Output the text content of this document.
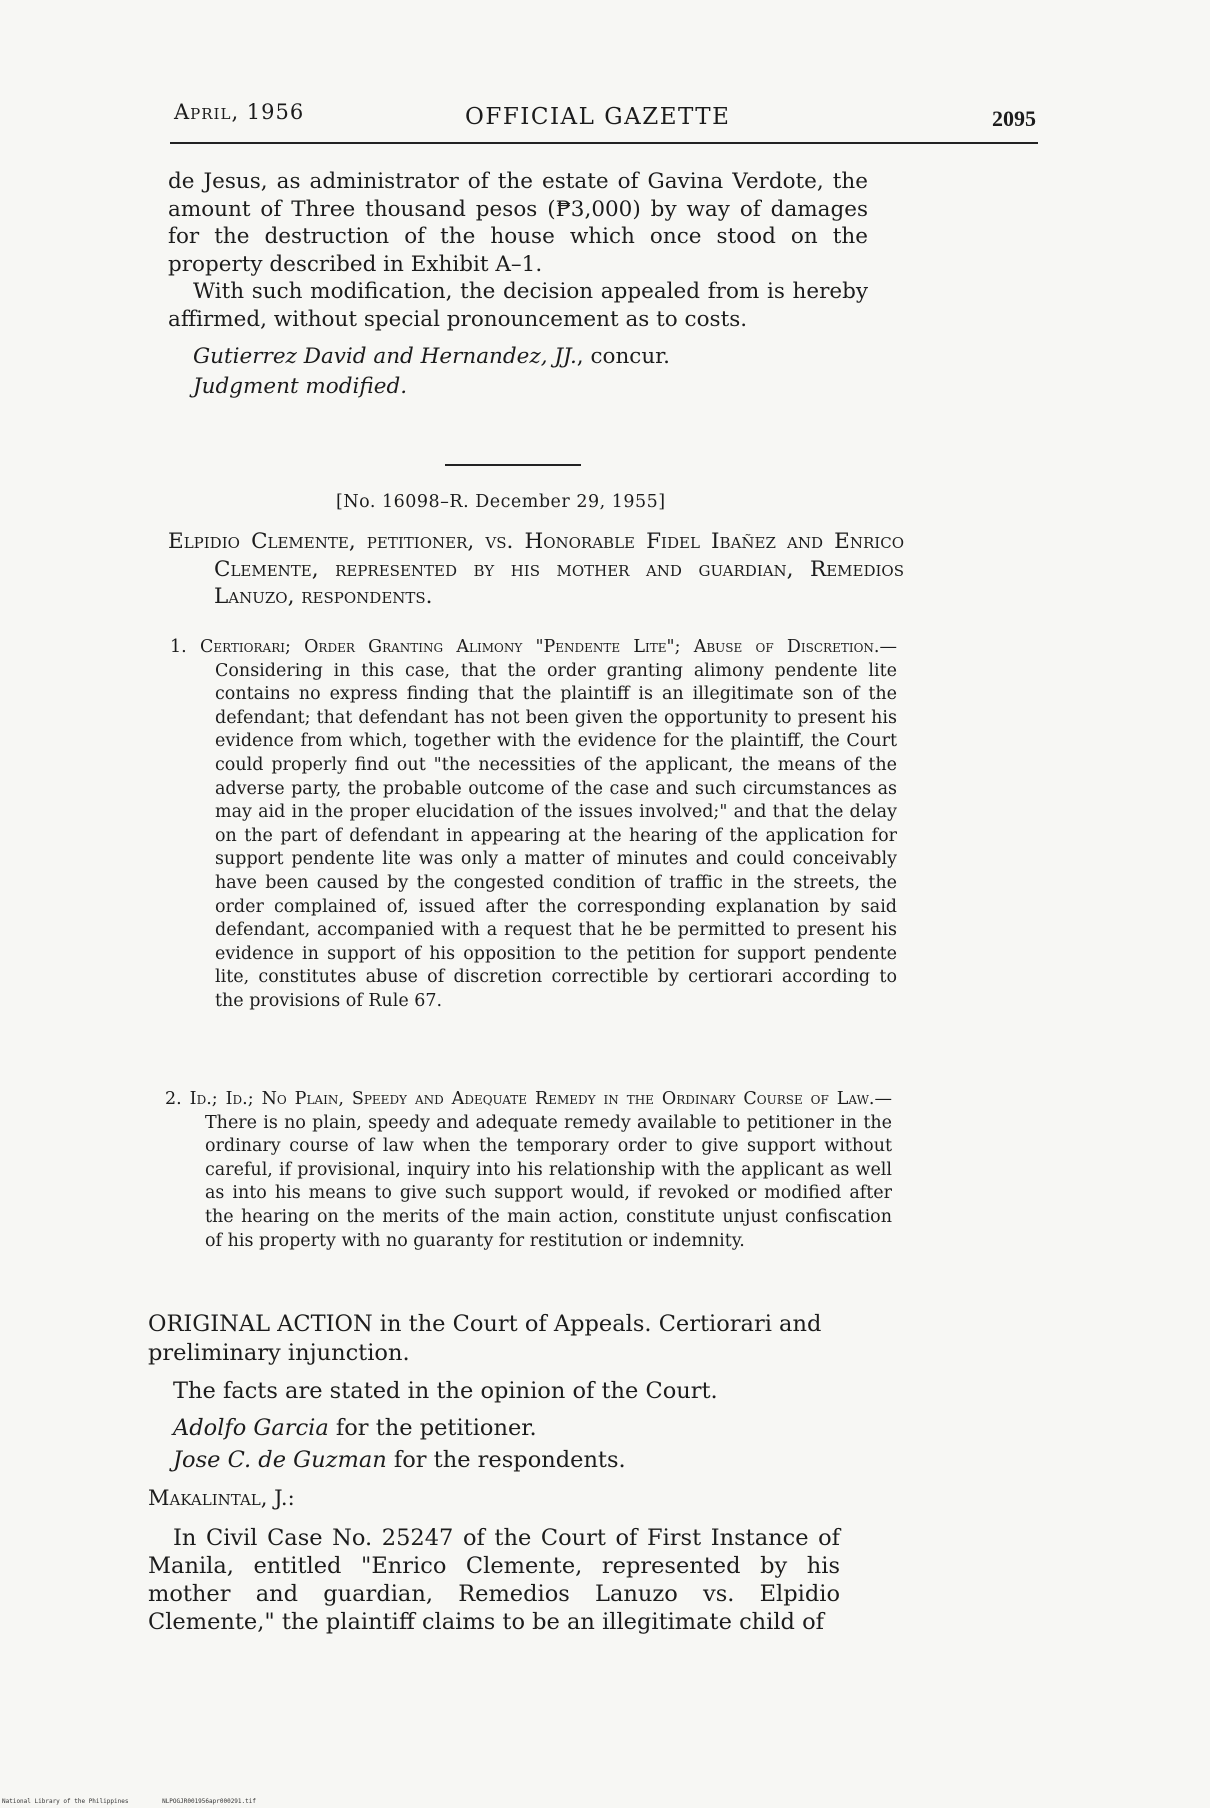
April, 1956	OFFICIAL GAZETTE	2095

de Jesus, as administrator of the estate of Gavina Verdote, the amount of Three thousand pesos (₱3,000) by way of damages for the destruction of the house which once stood on the property described in Exhibit A–1.

With such modification, the decision appealed from is hereby affirmed, without special pronouncement as to costs.

Gutierrez David and Hernandez, JJ., concur.

Judgment modified.

[No. 16098–R. December 29, 1955]
Elpidio Clemente, petitioner, vs. Honorable Fidel Ibañez and Enrico Clemente, represented by his mother and guardian, Remedios Lanuzo, respondents.

1. Certiorari; Order Granting Alimony "Pendente Lite"; Abuse of Discretion.—Considering in this case, that the order granting alimony pendente lite contains no express finding that the plaintiff is an illegitimate son of the defendant; that defendant has not been given the opportunity to present his evidence from which, together with the evidence for the plaintiff, the Court could properly find out "the necessities of the applicant, the means of the adverse party, the probable outcome of the case and such circumstances as may aid in the proper elucidation of the issues involved;" and that the delay on the part of defendant in appearing at the hearing of the application for support pendente lite was only a matter of minutes and could conceivably have been caused by the congested condition of traffic in the streets, the order complained of, issued after the corresponding explanation by said defendant, accompanied with a request that he be permitted to present his evidence in support of his opposition to the petition for support pendente lite, constitutes abuse of discretion correctible by certiorari according to the provisions of Rule 67.

2. Id.; Id.; No Plain, Speedy and Adequate Remedy in the Ordinary Course of Law.—There is no plain, speedy and adequate remedy available to petitioner in the ordinary course of law when the temporary order to give support without careful, if provisional, inquiry into his relationship with the applicant as well as into his means to give such support would, if revoked or modified after the hearing on the merits of the main action, constitute unjust confiscation of his property with no guaranty for restitution or indemnity.

ORIGINAL ACTION in the Court of Appeals. Certiorari and preliminary injunction.
The facts are stated in the opinion of the Court.

Adolfo Garcia for the petitioner.

Jose C. de Guzman for the respondents.

Makalintal, J.:
In Civil Case No. 25247 of the Court of First Instance of Manila, entitled "Enrico Clemente, represented by his mother and guardian, Remedios Lanuzo vs. Elpidio Clemente," the plaintiff claims to be an illegitimate child of
National Library of the Philippines	NLPOGJR001956apr000291.tif
